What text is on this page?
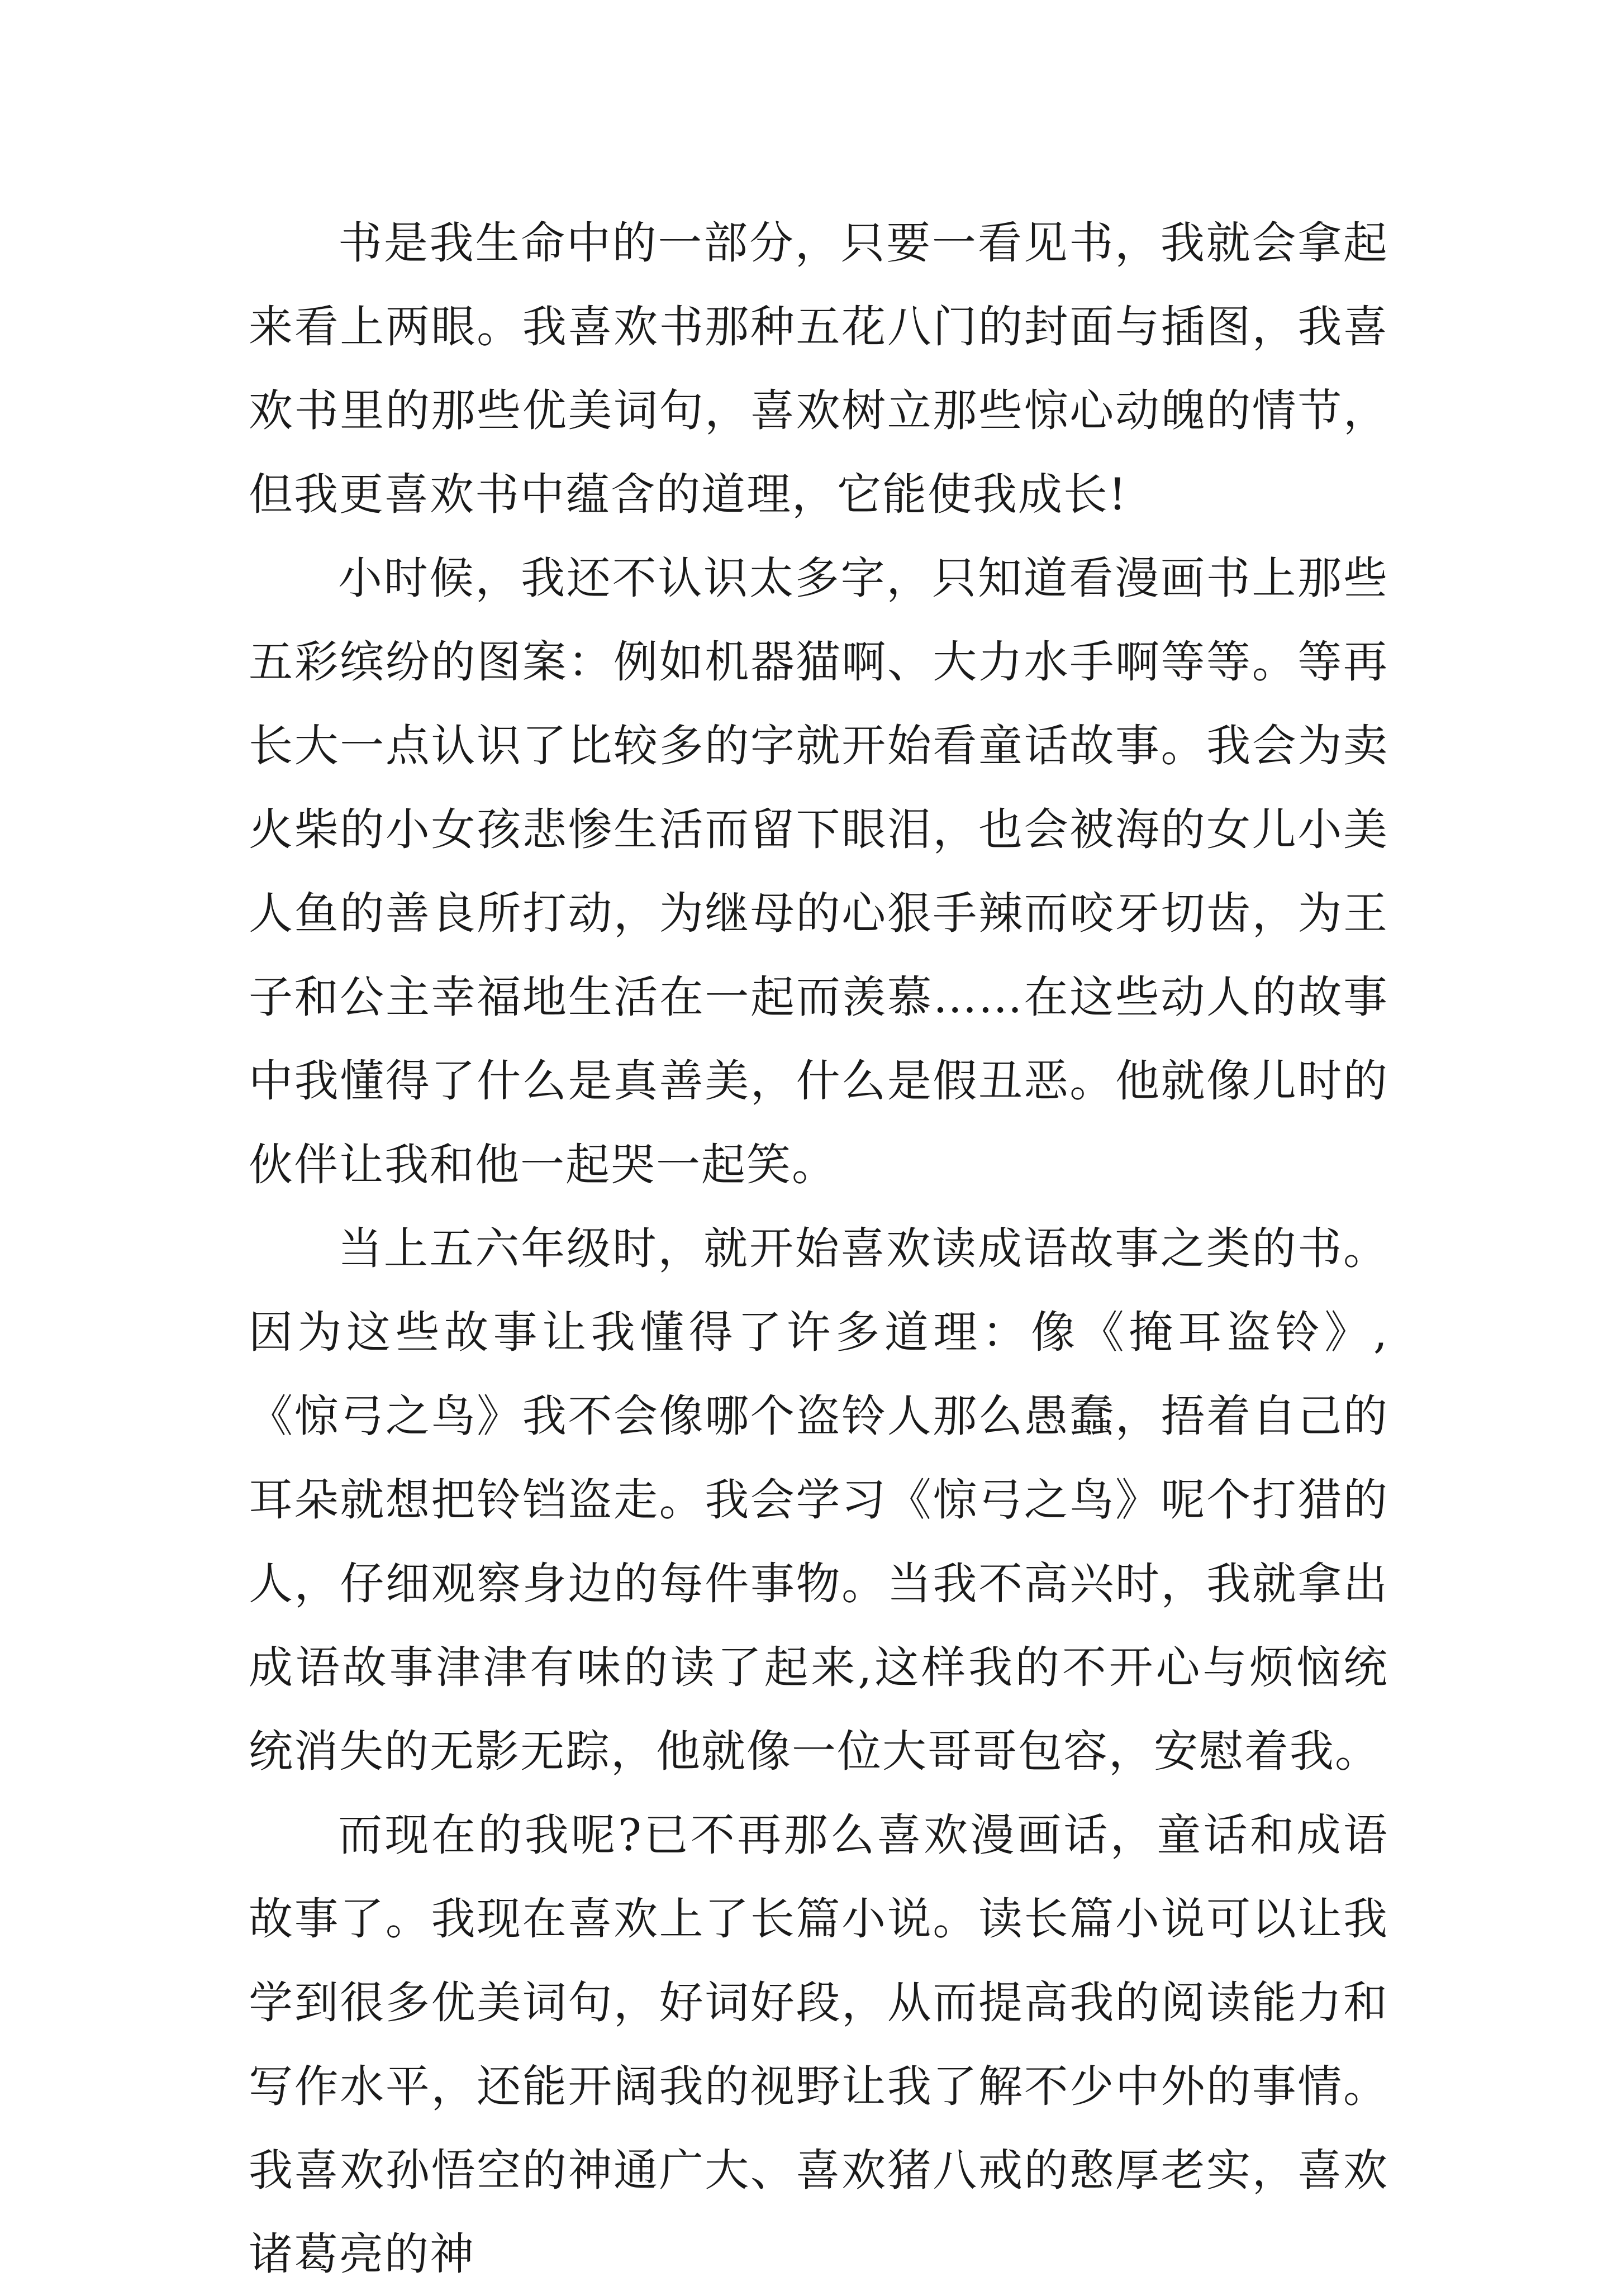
书是我生命中的一部分，只要一看见书，我就会拿起来看上两眼。我喜欢书那种五花八门的封面与插图，我喜欢书里的那些优美词句，喜欢树立那些惊心动魄的情节，但我更喜欢书中蕴含的道理，它能使我成长!

小时候，我还不认识太多字，只知道看漫画书上那些五彩缤纷的图案：例如机器猫啊、大力水手啊等等。等再长大一点认识了比较多的字就开始看童话故事。我会为卖火柴的小女孩悲惨生活而留下眼泪，也会被海的女儿小美人鱼的善良所打动，为继母的心狠手辣而咬牙切齿，为王子和公主幸福地生活在一起而羡慕……在这些动人的故事中我懂得了什么是真善美，什么是假丑恶。他就像儿时的伙伴让我和他一起哭一起笑。

当上五六年级时，就开始喜欢读成语故事之类的书。因为这些故事让我懂得了许多道理：像《掩耳盗铃》,《惊弓之鸟》我不会像哪个盗铃人那么愚蠢，捂着自己的耳朵就想把铃铛盗走。我会学习《惊弓之鸟》呢个打猎的人，仔细观察身边的每件事物。当我不高兴时，我就拿出成语故事津津有味的读了起来,这样我的不开心与烦恼统统消失的无影无踪，他就像一位大哥哥包容，安慰着我。

而现在的我呢?已不再那么喜欢漫画话，童话和成语故事了。我现在喜欢上了长篇小说。读长篇小说可以让我学到很多优美词句，好词好段，从而提高我的阅读能力和写作水平，还能开阔我的视野让我了解不少中外的事情。我喜欢孙悟空的神通广大、喜欢猪八戒的憨厚老实，喜欢诸葛亮的神
